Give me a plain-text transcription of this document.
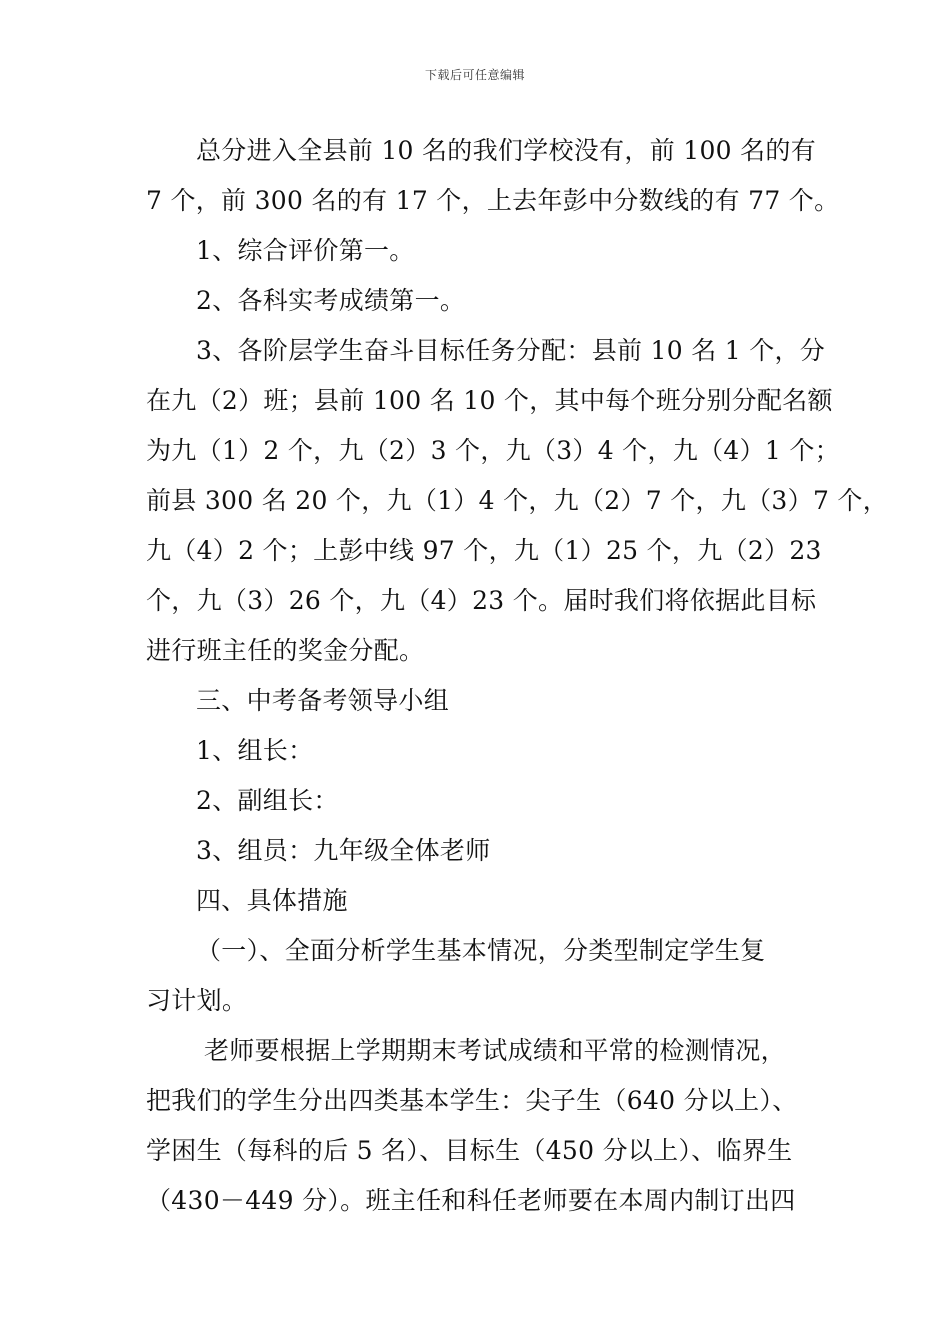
下载后可任意编辑
总分进入全县前 10 名的我们学校没有，前 100 名的有
7 个，前 300 名的有 17 个，上去年彭中分数线的有 77 个。
1、综合评价第一。
2、各科实考成绩第一。
3、各阶层学生奋斗目标任务分配：县前 10 名 1 个，分
在九（2）班；县前 100 名 10 个，其中每个班分别分配名额
为九（1）2 个，九（2）3 个，九（3）4 个，九（4）1 个；
前县 300 名 20 个，九（1）4 个，九（2）7 个，九（3）7 个，
九（4）2 个；上彭中线 97 个，九（1）25 个，九（2）23
个，九（3）26 个，九（4）23 个。届时我们将依据此目标
进行班主任的奖金分配。
三、中考备考领导小组
1、组长：
2、副组长：
3、组员：九年级全体老师
四、具体措施
（一）、全面分析学生基本情况，分类型制定学生复
习计划。
老师要根据上学期期末考试成绩和平常的检测情况，
把我们的学生分出四类基本学生：尖子生（640 分以上）、
学困生（每科的后 5 名）、目标生（450 分以上）、临界生
（430－449 分）。班主任和科任老师要在本周内制订出四
